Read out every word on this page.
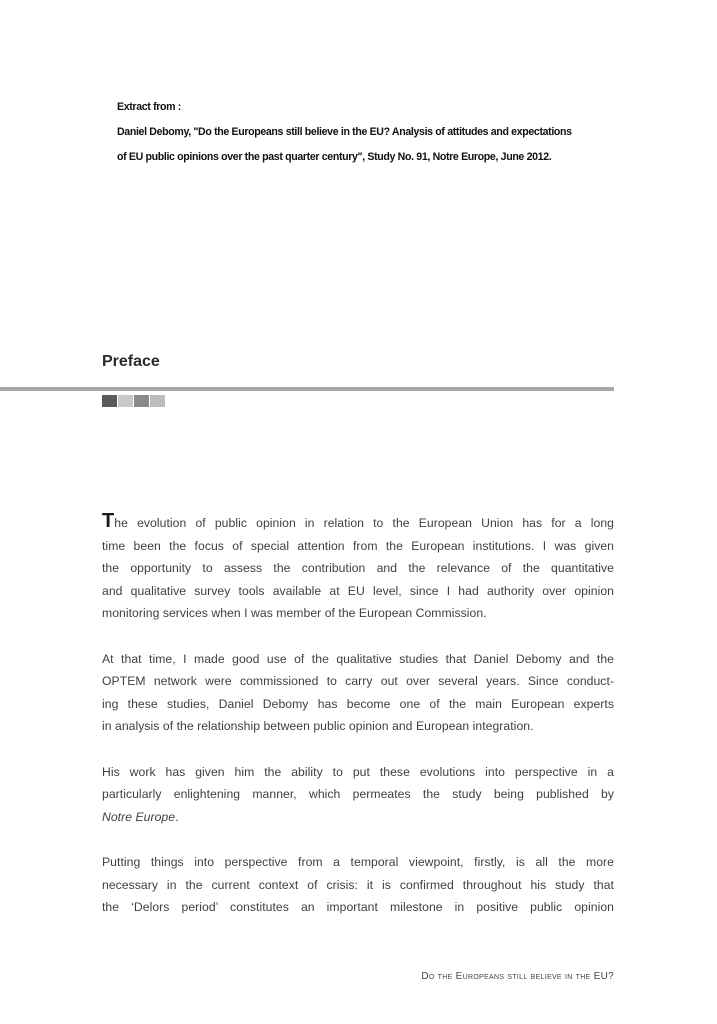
Extract from :
Daniel Debomy, "Do the Europeans still believe in the EU? Analysis of attitudes and expectations
of EU public opinions over the past quarter century", Study No. 91, Notre Europe, June 2012.
Preface

The evolution of public opinion in relation to the European Union has for a long
time been the focus of special attention from the European institutions. I was given
the opportunity to assess the contribution and the relevance of the quantitative
and qualitative survey tools available at EU level, since I had authority over opinion
monitoring services when I was member of the European Commission.

At that time, I made good use of the qualitative studies that Daniel Debomy and the
OPTEM network were commissioned to carry out over several years. Since conduct-
ing these studies, Daniel Debomy has become one of the main European experts
in analysis of the relationship between public opinion and European integration.

His work has given him the ability to put these evolutions into perspective in a
particularly enlightening manner, which permeates the study being published by
Notre Europe.

Putting things into perspective from a temporal viewpoint, firstly, is all the more
necessary in the current context of crisis: it is confirmed throughout his study that
the ‘Delors period’ constitutes an important milestone in positive public opinion

Do the Europeans still believe in the EU?
